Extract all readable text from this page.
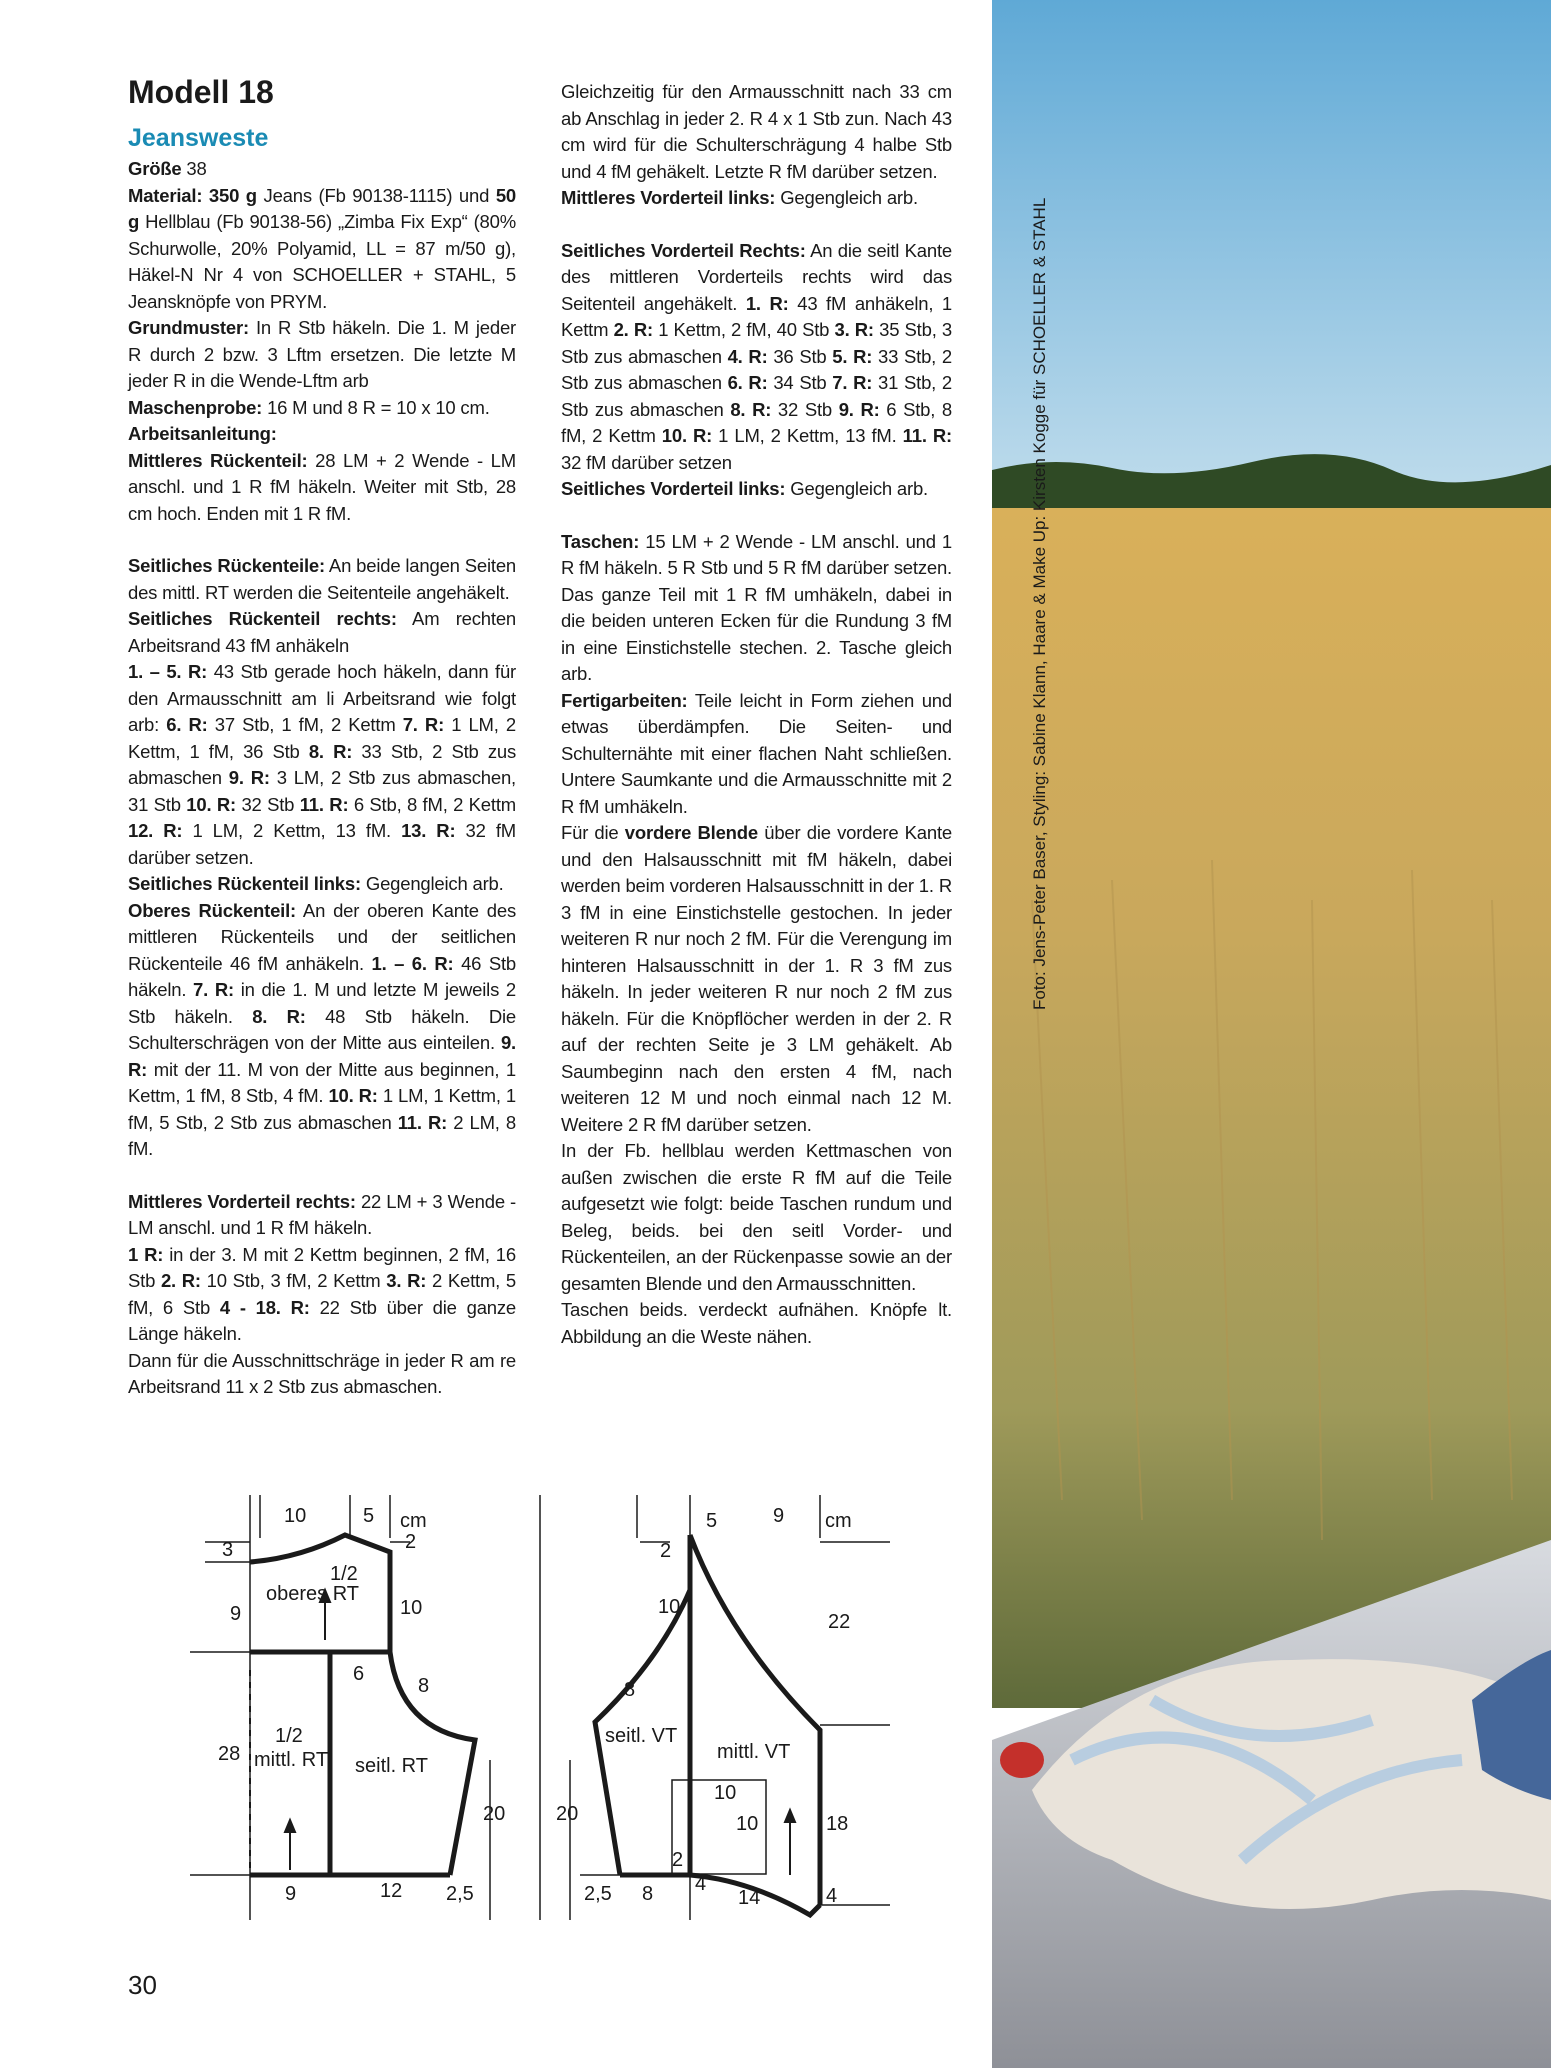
Modell 18
Jeansweste

Größe 38

Material: 350 g Jeans (Fb 90138-1115) und 50 g Hellblau (Fb 90138-56) „Zimba Fix Exp“ (80% Schurwolle, 20% Polyamid, LL = 87 m/50 g), Häkel-N Nr 4 von SCHOELLER + STAHL, 5 Jeansknöpfe von PRYM.

Grundmuster: In R Stb häkeln. Die 1. M jeder R durch 2 bzw. 3 Lftm ersetzen. Die letzte M jeder R in die Wende-Lftm arb

Maschenprobe: 16 M und 8 R = 10 x 10 cm.

Arbeitsanleitung:

Mittleres Rückenteil: 28 LM + 2 Wende - LM anschl. und 1 R fM häkeln. Weiter mit Stb, 28 cm hoch. Enden mit 1 R fM.

Seitliches Rückenteile: An beide langen Seiten des mittl. RT werden die Seitenteile angehäkelt.

Seitliches Rückenteil rechts: Am rechten Arbeitsrand 43 fM anhäkeln

1. – 5. R: 43 Stb gerade hoch häkeln, dann für den Armausschnitt am li Arbeitsrand wie folgt arb: 6. R: 37 Stb, 1 fM, 2 Kettm 7. R: 1 LM, 2 Kettm, 1 fM, 36 Stb 8. R: 33 Stb, 2 Stb zus abmaschen 9. R: 3 LM, 2 Stb zus abmaschen, 31 Stb 10. R: 32 Stb 11. R: 6 Stb, 8 fM, 2 Kettm 12. R: 1 LM, 2 Kettm, 13 fM. 13. R: 32 fM darüber setzen.

Seitliches Rückenteil links: Gegengleich arb.

Oberes Rückenteil: An der oberen Kante des mittleren Rückenteils und der seitlichen Rückenteile 46 fM anhäkeln. 1. – 6. R: 46 Stb häkeln. 7. R: in die 1. M und letzte M jeweils 2 Stb häkeln. 8. R: 48 Stb häkeln. Die Schulterschrägen von der Mitte aus einteilen. 9. R: mit der 11. M von der Mitte aus beginnen, 1 Kettm, 1 fM, 8 Stb, 4 fM. 10. R: 1 LM, 1 Kettm, 1 fM, 5 Stb, 2 Stb zus abmaschen 11. R: 2 LM, 8 fM.

Mittleres Vorderteil rechts: 22 LM + 3 Wende - LM anschl. und 1 R fM häkeln.

1 R: in der 3. M mit 2 Kettm beginnen, 2 fM, 16 Stb 2. R: 10 Stb, 3 fM, 2 Kettm 3. R: 2 Kettm, 5 fM, 6 Stb 4 - 18. R: 22 Stb über die ganze Länge häkeln.

Dann für die Ausschnittschräge in jeder R am re Arbeitsrand 11 x 2 Stb zus abmaschen.

Gleichzeitig für den Armausschnitt nach 33 cm ab Anschlag in jeder 2. R 4 x 1 Stb zun. Nach 43 cm wird für die Schulterschrägung 4 halbe Stb und 4 fM gehäkelt. Letzte R fM darüber setzen.

Mittleres Vorderteil links: Gegengleich arb.

Seitliches Vorderteil Rechts: An die seitl Kante des mittleren Vorderteils rechts wird das Seitenteil angehäkelt. 1. R: 43 fM anhäkeln, 1 Kettm 2. R: 1 Kettm, 2 fM, 40 Stb 3. R: 35 Stb, 3 Stb zus abmaschen 4. R: 36 Stb 5. R: 33 Stb, 2 Stb zus abmaschen 6. R: 34 Stb 7. R: 31 Stb, 2 Stb zus abmaschen 8. R: 32 Stb 9. R: 6 Stb, 8 fM, 2 Kettm 10. R: 1 LM, 2 Kettm, 13 fM. 11. R: 32 fM darüber setzen

Seitliches Vorderteil links: Gegengleich arb.

Taschen: 15 LM + 2 Wende - LM anschl. und 1 R fM häkeln. 5 R Stb und 5 R fM darüber setzen. Das ganze Teil mit 1 R fM umhäkeln, dabei in die beiden unteren Ecken für die Rundung 3 fM in eine Einstichstelle stechen. 2. Tasche gleich arb.

Fertigarbeiten: Teile leicht in Form ziehen und etwas überdämpfen. Die Seiten- und Schulternähte mit einer flachen Naht schließen. Untere Saumkante und die Armausschnitte mit 2 R fM umhäkeln.

Für die vordere Blende über die vordere Kante und den Halsausschnitt mit fM häkeln, dabei werden beim vorderen Halsausschnitt in der 1. R 3 fM in eine Einstichstelle gestochen. In jeder weiteren R nur noch 2 fM. Für die Verengung im hinteren Halsausschnitt in der 1. R 3 fM zus häkeln. In jeder weiteren R nur noch 2 fM zus häkeln. Für die Knöpflöcher werden in der 2. R auf der rechten Seite je 3 LM gehäkelt. Ab Saumbeginn nach den ersten 4 fM, nach weiteren 12 M und noch einmal nach 12 M. Weitere 2 R fM darüber setzen.

In der Fb. hellblau werden Kettmaschen von außen zwischen die erste R fM auf die Teile aufgesetzt wie folgt: beide Taschen rundum und Beleg, beids. bei den seitl Vorder- und Rückenteilen, an der Rückenpasse sowie an der gesamten Blende und den Armausschnitten.

Taschen beids. verdeckt aufnähen. Knöpfe lt. Abbildung an die Weste nähen.

30
10	5 cm
2
3
1/2
oberes RT
9	10
6
8
1/2
28 mittl. RT seitl. RT
20
9	12 2,5
5	9 cm
2
10
22
8
seitl. VT
mittl. VT
10
10
20	18
2
4
2,5 8	14	4
Foto: Jens-Peter Baser, Styling: Sabine Klann, Haare & Make Up: Kirsten Kogge für SCHOELLER & STAHL
